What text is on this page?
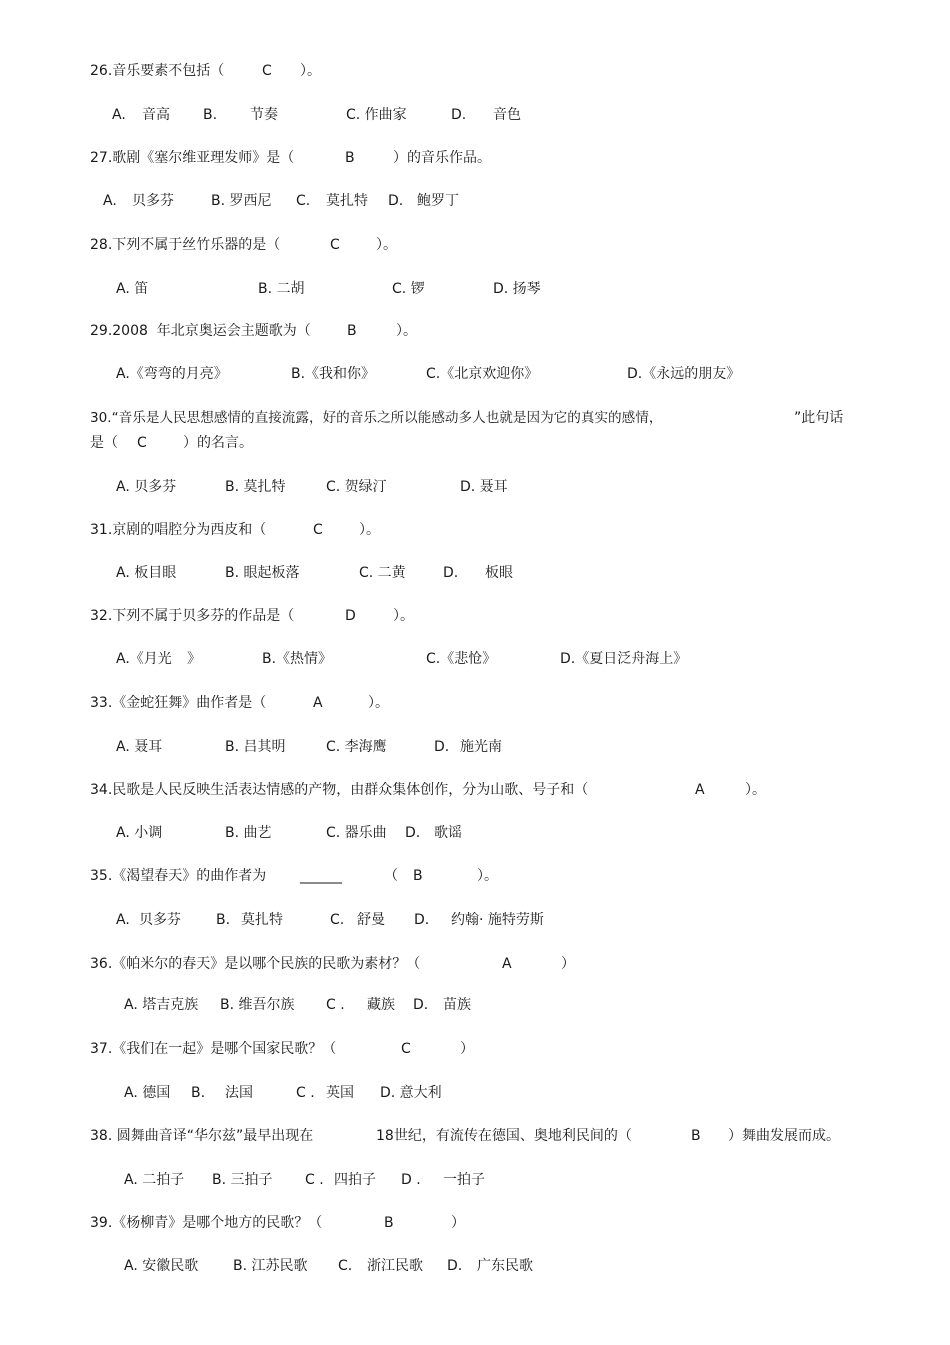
26.音乐要素不包括（	C ）。
A. 音高 B. 节奏	C. 作曲家	D. 音色
27.歌剧《塞尔维亚理发师》是（	B	）的音乐作品。
A. 贝多芬	B. 罗西尼 C. 莫扎特 D. 鲍罗丁
28.下列不属于丝竹乐器的是（	C	）。
A. 笛	B. 二胡	C. 锣	D. 扬琴
29.2008  年北京奥运会主题歌为（	B	）。
A.《弯弯的月亮》	B.《我和你》	C.《北京欢迎你》	D.《永远的朋友》
30.“音乐是人民思想感情的直接流露，好的音乐之所以能感动多人也就是因为它的真实的感情，	”此句话
是（ C	）的名言。
A. 贝多芬	B. 莫扎特	C. 贺绿汀	D. 聂耳
31.京剧的唱腔分为西皮和（	C	）。
A. 板目眼	B. 眼起板落	C. 二黄	D. 板眼
32.下列不属于贝多芬的作品是（	D	）。
A.《月光 》	B.《热情》	C.《悲怆》	D.《夏日泛舟海上》
33.《金蛇狂舞》曲作者是（	A	）。
A. 聂耳	B. 吕其明	C. 李海鹰	D. 施光南
34.民歌是人民反映生活表达情感的产物，由群众集体创作，分为山歌、号子和（	A	）。
A. 小调	B. 曲艺	C. 器乐曲 D. 歌谣
35.《渴望春天》的曲作者为 ______	（ B	）。
A. 贝多芬	B. 莫扎特	C. 舒曼 D. 约翰· 施特劳斯
36.《帕米尔的春天》是以哪个民族的民歌为素材？（	A	）
A. 塔吉克族 B. 维吾尔族 C . 藏族 D. 苗族
37.《我们在一起》是哪个国家民歌？（	C	）
A. 德国 B. 法国	C . 英国 D. 意大利
38. 圆舞曲音译“华尔兹”最早出现在	18世纪，有流传在德国、奥地利民间的（	B ）舞曲发展而成。
A. 二拍子 B. 三拍子 C . 四拍子 D . 一拍子
39.《杨柳青》是哪个地方的民歌？（	B	）
A. 安徽民歌 B. 江苏民歌 C. 浙江民歌 D. 广东民歌
